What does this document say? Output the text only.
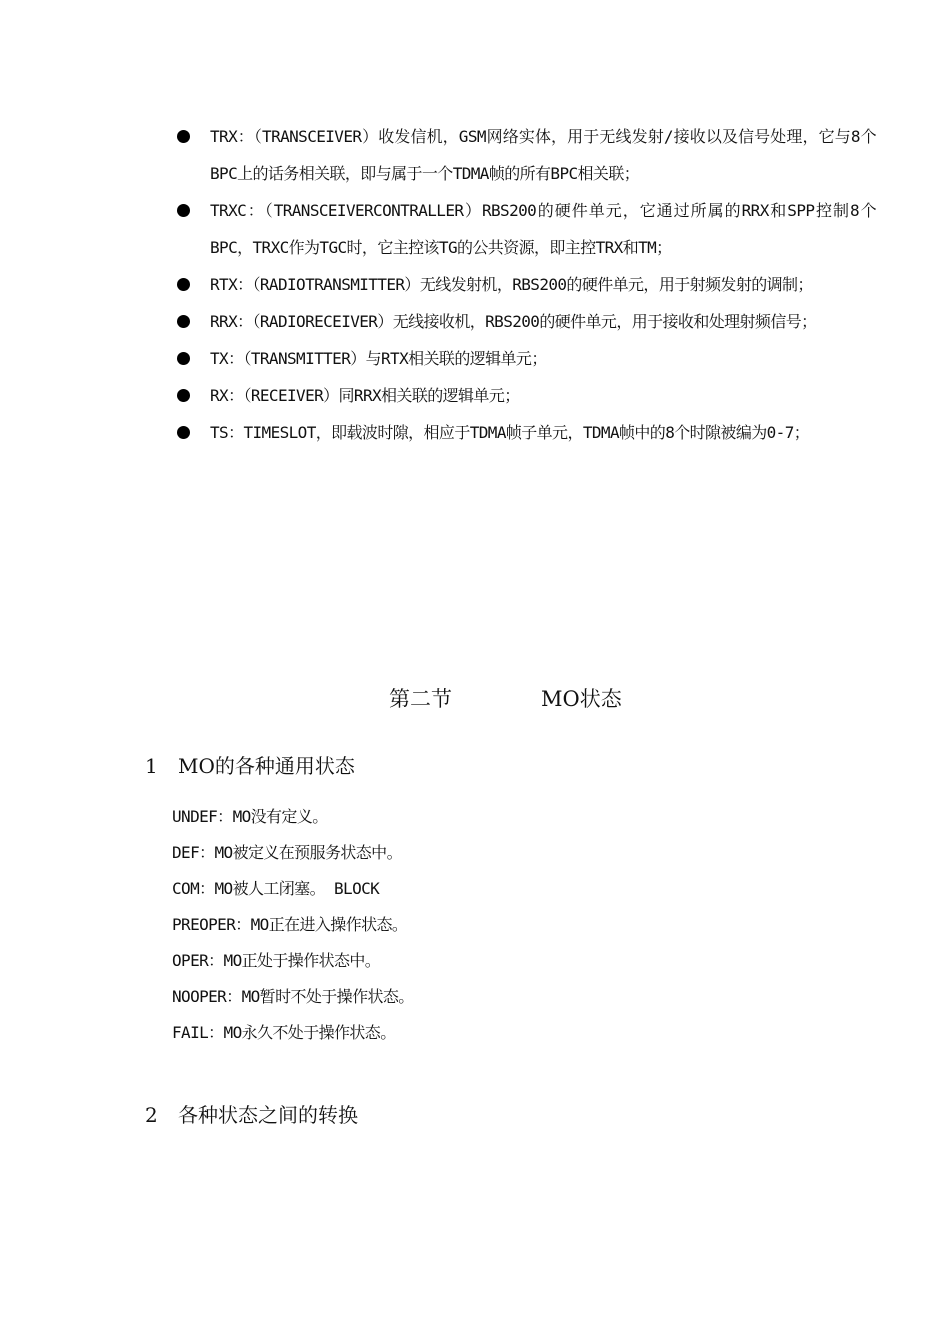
TRX：（TRANSCEIVER）收发信机，GSM网络实体，用于无线发射/接收以及信号处理，它与8个BPC上的话务相关联，即与属于一个TDMA帧的所有BPC相关联；
TRXC：（TRANSCEIVERCONTRALLER）RBS200的硬件单元，它通过所属的RRX和SPP控制8个BPC，TRXC作为TGC时，它主控该TG的公共资源，即主控TRX和TM；
RTX：（RADIOTRANSMITTER）无线发射机，RBS200的硬件单元，用于射频发射的调制；
RRX：（RADIORECEIVER）无线接收机，RBS200的硬件单元，用于接收和处理射频信号；
TX：（TRANSMITTER）与RTX相关联的逻辑单元；
RX：（RECEIVER）同RRX相关联的逻辑单元；
TS：TIMESLOT，即载波时隙，相应于TDMA帧子单元，TDMA帧中的8个时隙被编为0-7；
第二节	MO状态
1 MO的各种通用状态
UNDEF：MO没有定义。
DEF：MO被定义在预服务状态中。
COM：MO被人工闭塞。 BLOCK
PREOPER：MO正在进入操作状态。
OPER：MO正处于操作状态中。
NOOPER：MO暂时不处于操作状态。
FAIL：MO永久不处于操作状态。
2 各种状态之间的转换
